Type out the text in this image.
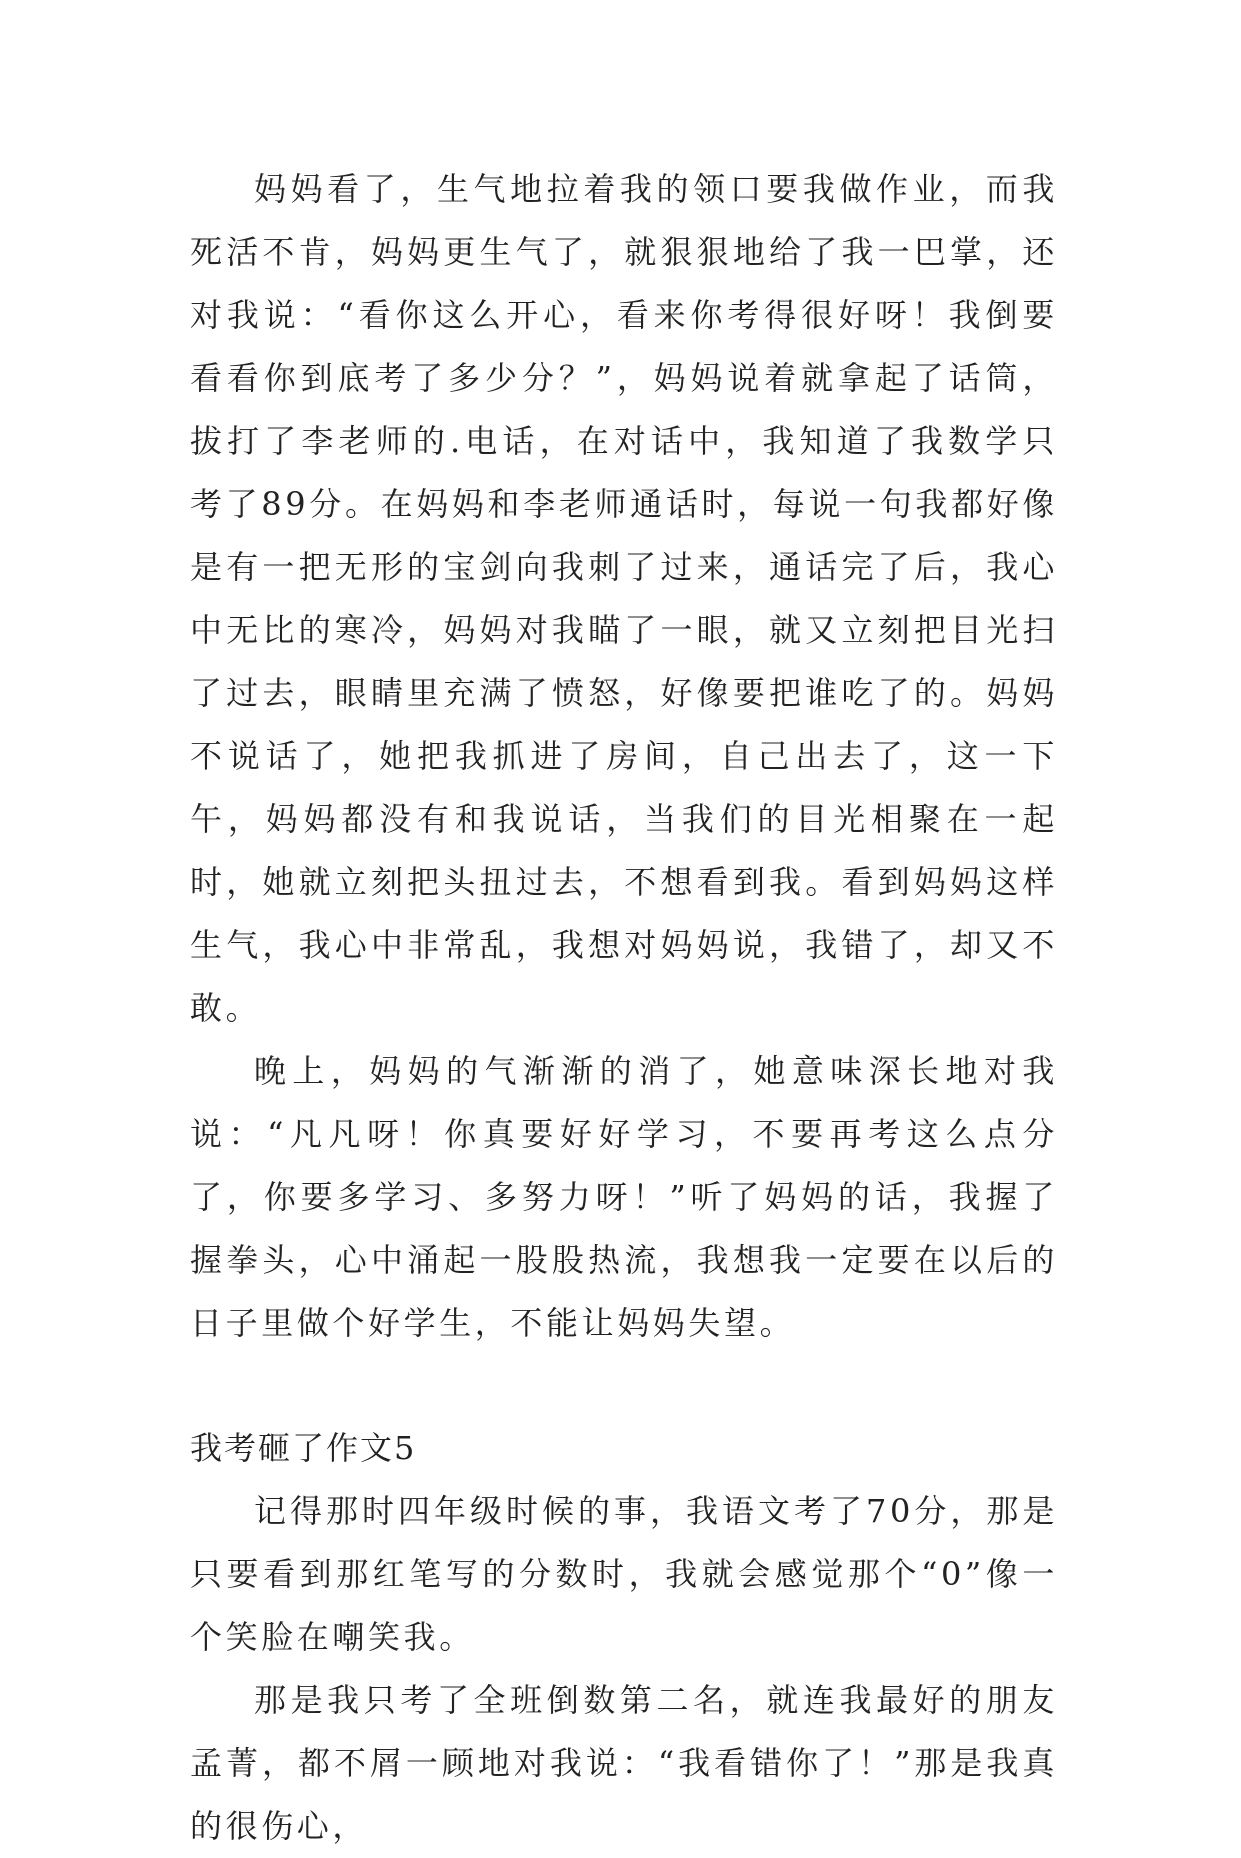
妈妈看了，生气地拉着我的领口要我做作业，而我死活不肯，妈妈更生气了，就狠狠地给了我一巴掌，还对我说：“看你这么开心，看来你考得很好呀！我倒要看看你到底考了多少分？”，妈妈说着就拿起了话筒，拔打了李老师的.电话，在对话中，我知道了我数学只考了89分。在妈妈和李老师通话时，每说一句我都好像是有一把无形的宝剑向我刺了过来，通话完了后，我心中无比的寒冷，妈妈对我瞄了一眼，就又立刻把目光扫了过去，眼睛里充满了愤怒，好像要把谁吃了的。妈妈不说话了，她把我抓进了房间，自己出去了，这一下午，妈妈都没有和我说话，当我们的目光相聚在一起时，她就立刻把头扭过去，不想看到我。看到妈妈这样生气，我心中非常乱，我想对妈妈说，我错了，却又不敢。

晚上，妈妈的气渐渐的消了，她意味深长地对我说：“凡凡呀！你真要好好学习，不要再考这么点分了，你要多学习、多努力呀！”听了妈妈的话，我握了握拳头，心中涌起一股股热流，我想我一定要在以后的日子里做个好学生，不能让妈妈失望。

我考砸了作文5

记得那时四年级时候的事，我语文考了70分，那是只要看到那红笔写的分数时，我就会感觉那个“0”像一个笑脸在嘲笑我。

那是我只考了全班倒数第二名，就连我最好的朋友孟菁，都不屑一顾地对我说：“我看错你了！”那是我真的很伤心，
